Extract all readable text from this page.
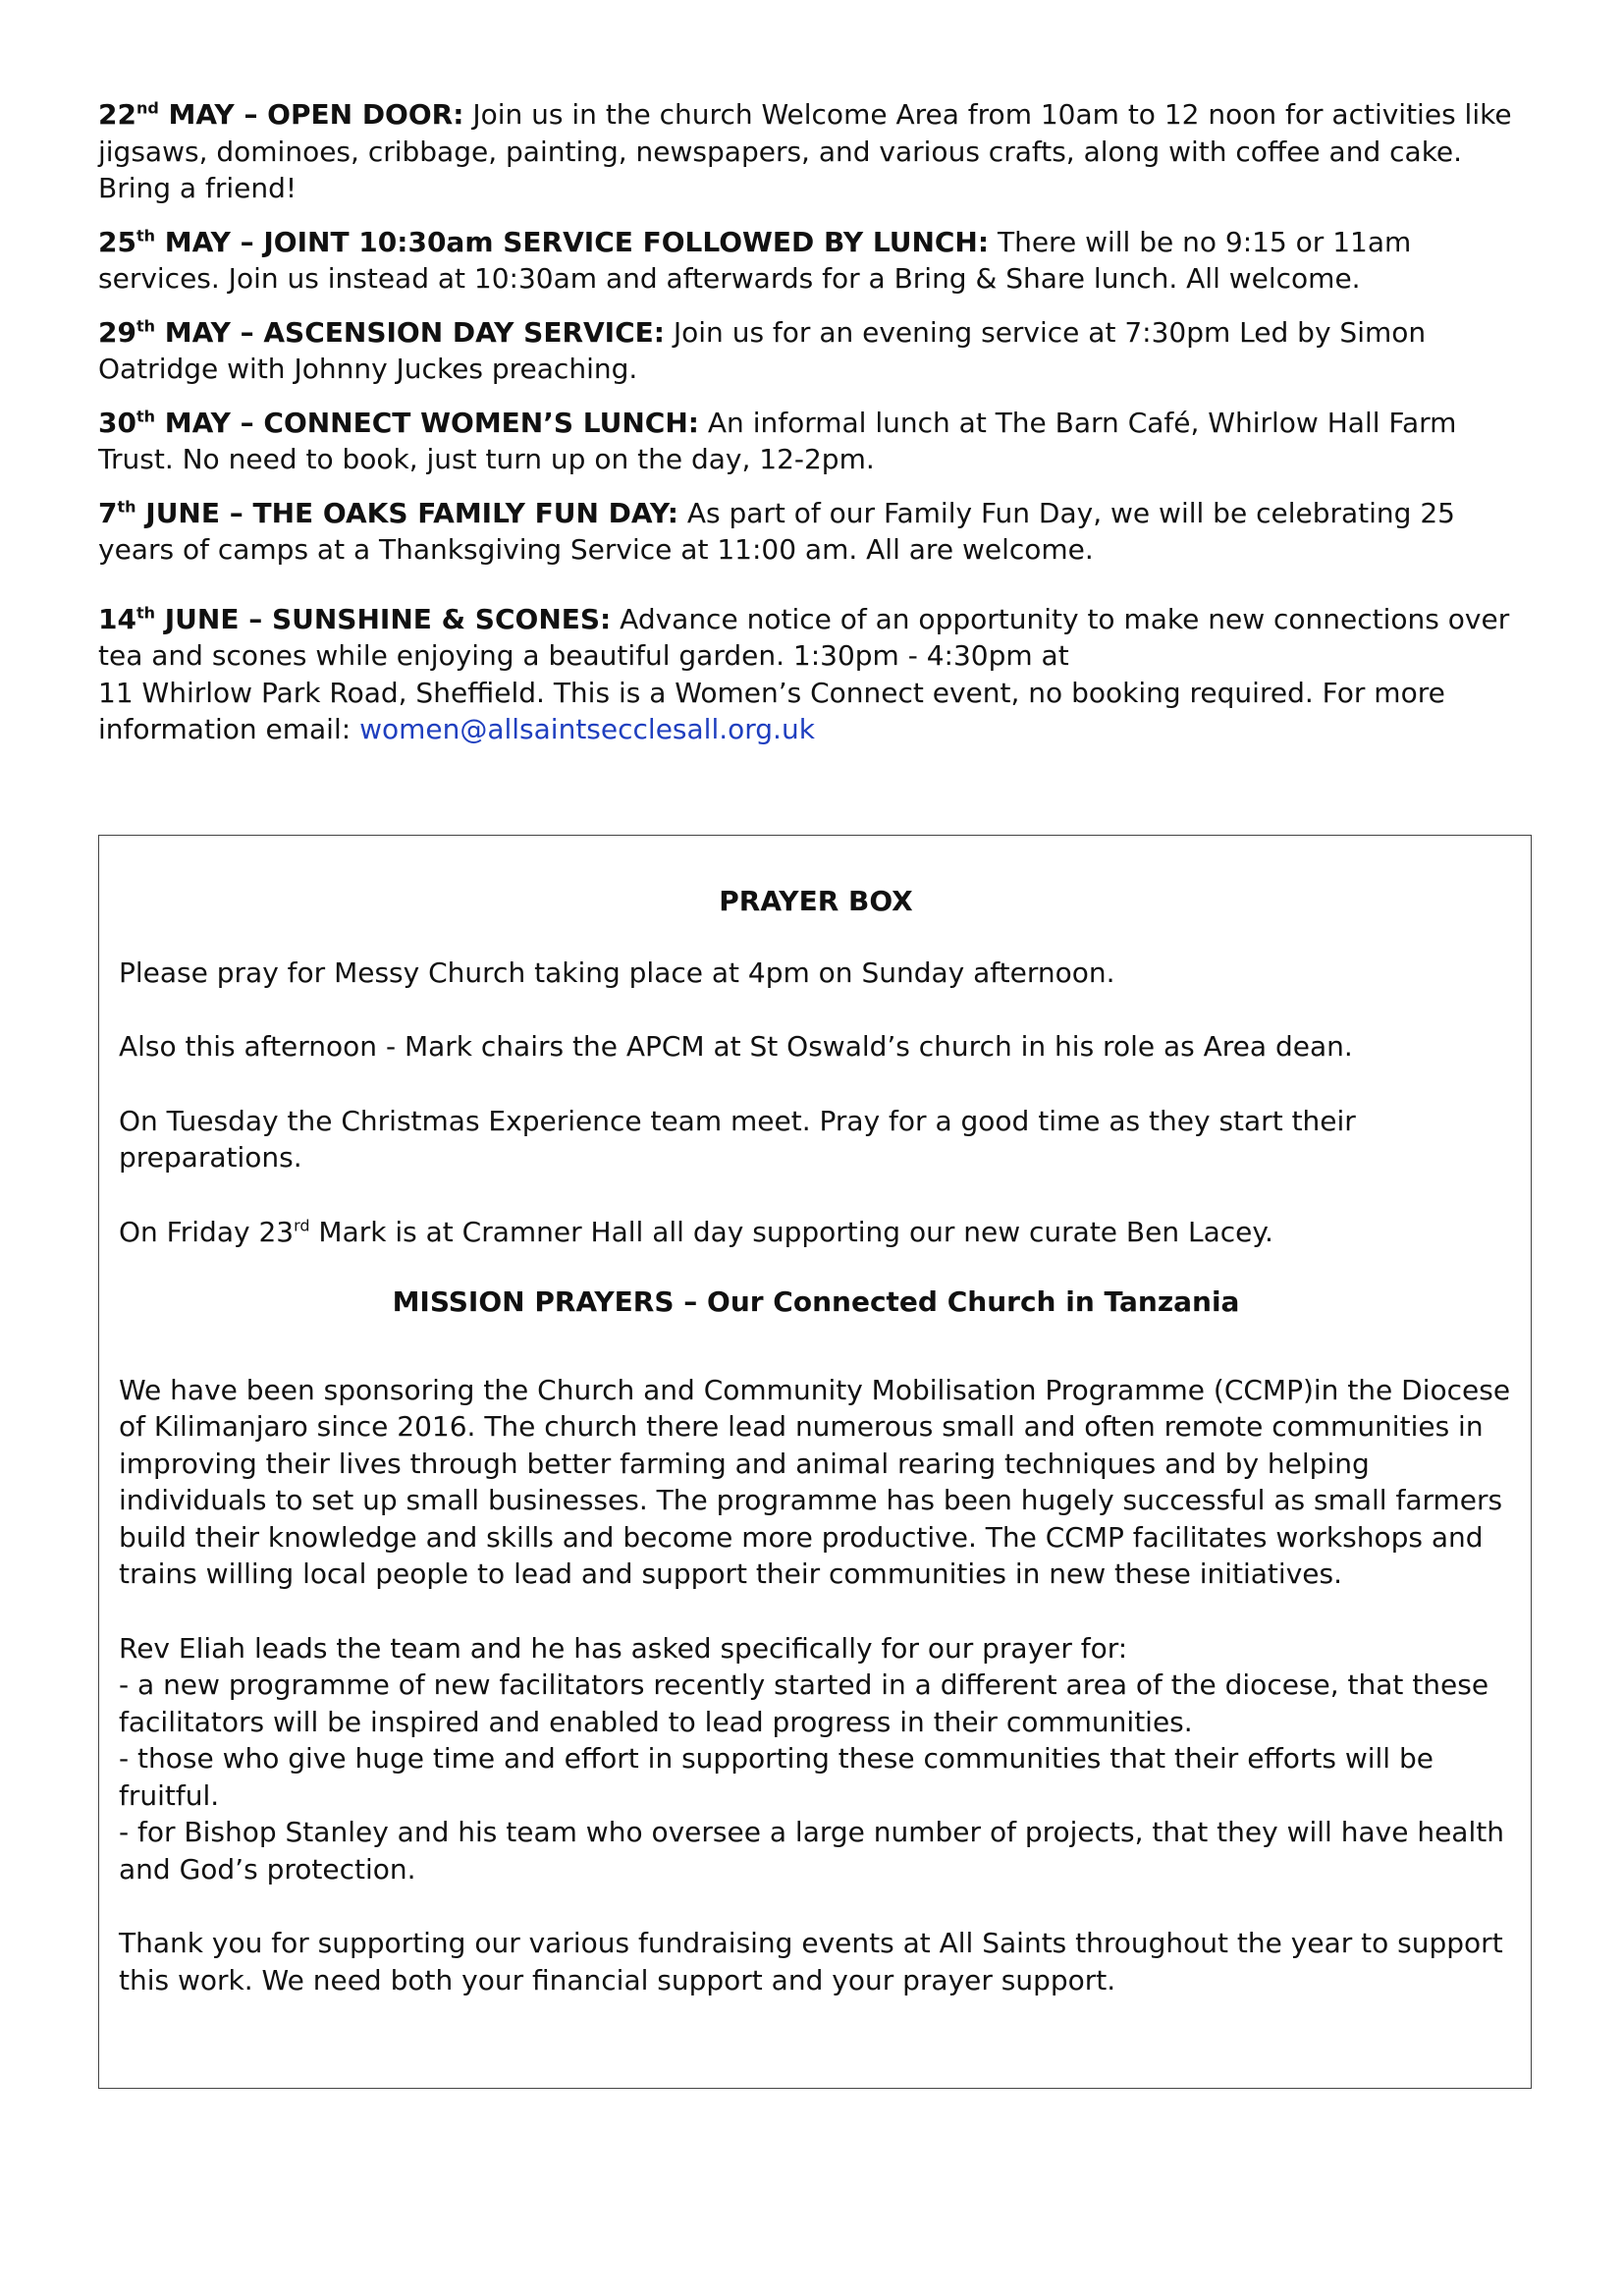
22nd MAY – OPEN DOOR: Join us in the church Welcome Area from 10am to 12 noon for activities like jigsaws, dominoes, cribbage, painting, newspapers, and various crafts, along with coffee and cake. Bring a friend!

25th MAY – JOINT 10:30am SERVICE FOLLOWED BY LUNCH: There will be no 9:15 or 11am services. Join us instead at 10:30am and afterwards for a Bring & Share lunch. All welcome.

29th MAY – ASCENSION DAY SERVICE: Join us for an evening service at 7:30pm Led by Simon Oatridge with Johnny Juckes preaching.

30th MAY – CONNECT WOMEN’S LUNCH: An informal lunch at The Barn Café, Whirlow Hall Farm Trust. No need to book, just turn up on the day, 12-2pm.

7th JUNE – THE OAKS FAMILY FUN DAY: As part of our Family Fun Day, we will be celebrating 25 years of camps at a Thanksgiving Service at 11:00 am. All are welcome.

14th JUNE – SUNSHINE & SCONES: Advance notice of an opportunity to make new connections over tea and scones while enjoying a beautiful garden. 1:30pm - 4:30pm at
11 Whirlow Park Road, Sheffield. This is a Women’s Connect event, no booking required. For more information email: women@allsaintsecclesall.org.uk

PRAYER BOX

Please pray for Messy Church taking place at 4pm on Sunday afternoon.

Also this afternoon - Mark chairs the APCM at St Oswald’s church in his role as Area dean.

On Tuesday the Christmas Experience team meet. Pray for a good time as they start their preparations.

On Friday 23rd Mark is at Cramner Hall all day supporting our new curate Ben Lacey.

MISSION PRAYERS – Our Connected Church in Tanzania

We have been sponsoring the Church and Community Mobilisation Programme (CCMP)in the Diocese of Kilimanjaro since 2016. The church there lead numerous small and often remote communities in improving their lives through better farming and animal rearing techniques and by helping individuals to set up small businesses. The programme has been hugely successful as small farmers build their knowledge and skills and become more productive. The CCMP facilitates workshops and trains willing local people to lead and support their communities in new these initiatives.

Rev Eliah leads the team and he has asked specifically for our prayer for:
- a new programme of new facilitators recently started in a different area of the diocese, that these facilitators will be inspired and enabled to lead progress in their communities.
- those who give huge time and effort in supporting these communities that their efforts will be fruitful.
- for Bishop Stanley and his team who oversee a large number of projects, that they will have health and God’s protection.

Thank you for supporting our various fundraising events at All Saints throughout the year to support this work. We need both your financial support and your prayer support.
